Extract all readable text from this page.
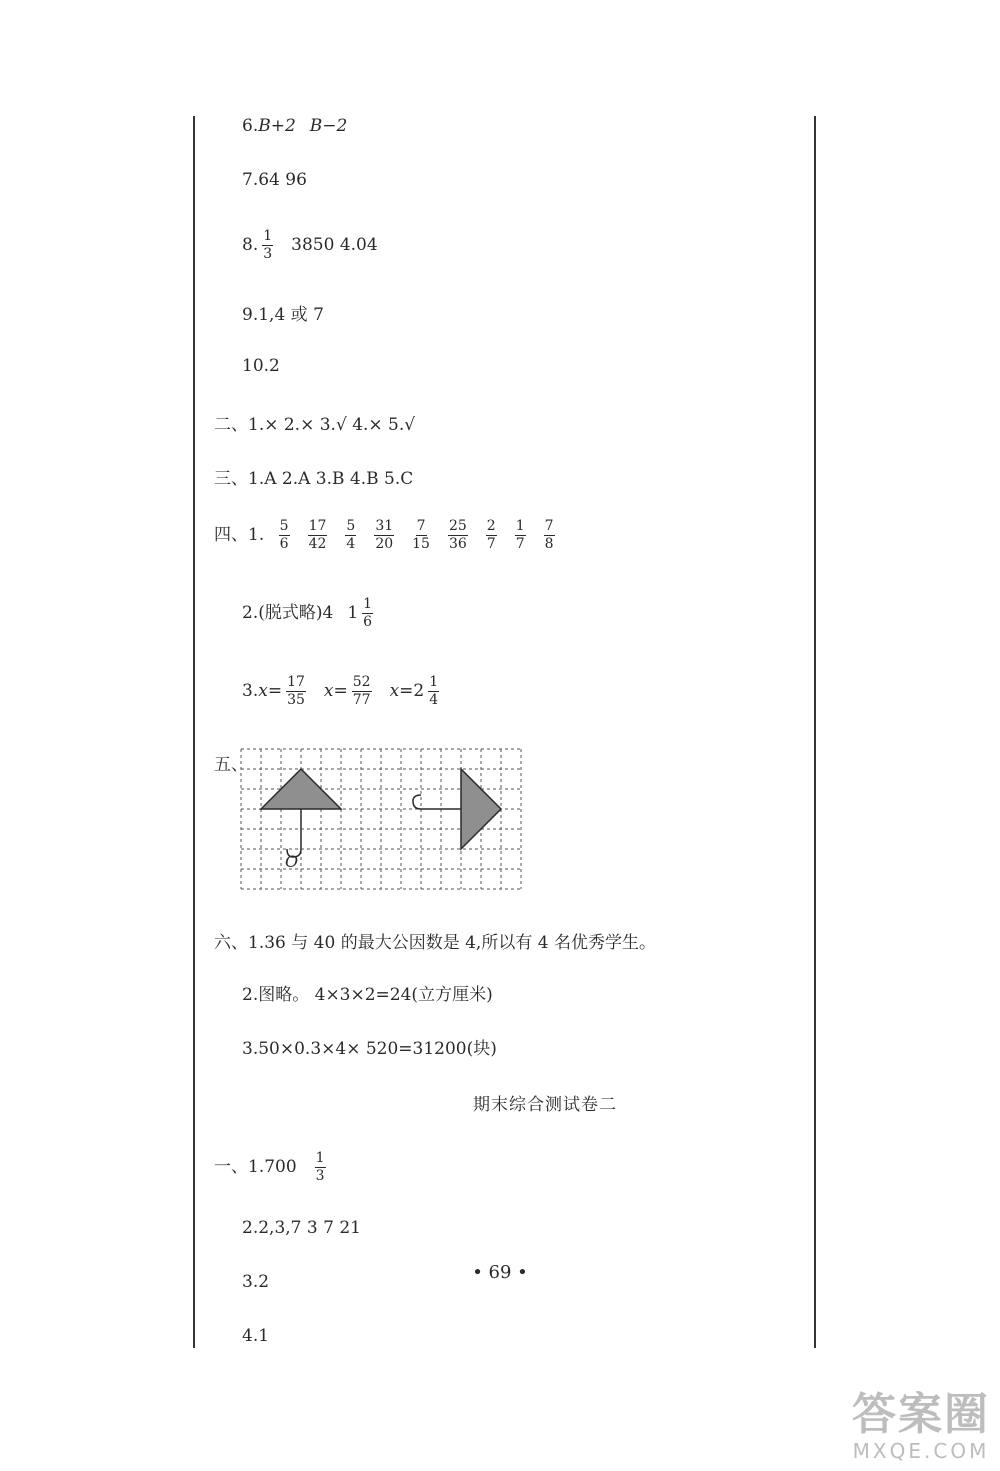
6.B+2 B−2
7.64 96
8. $\frac{1}{3} 3850$ 4.04
9.1,4 或 7
10.2
二、1.× 2.× 3.√ 4.× 5.√
三、1.A 2.A 3.B 4.B 5.C
四、1. $\frac{5}{6} \frac{17}{42} \frac{5}{4} \frac{31}{20} \frac{7}{15} \frac{25}{36} \frac{2}{7} \frac{1}{7} \frac{7}{8}$
2.(脱式略)4 $1 \frac{1}{6}$
$3.x= \frac{17}{35} x= \frac{52}{77} x=2 \frac{1}{4}$
五、
六、1.36 与 40 的最大公因数是 4,所以有 4 名优秀学生。
2.图略。 4×3×2=24(立方厘米)
3.50×0.3×4× 520=31200(块)
一、$1.700 \frac{1}{3}$
2.2,3,7 3 7 21
3.2
4.1
O
期末综合测试卷二
• 69 •
答案圈
MXQE.COM
